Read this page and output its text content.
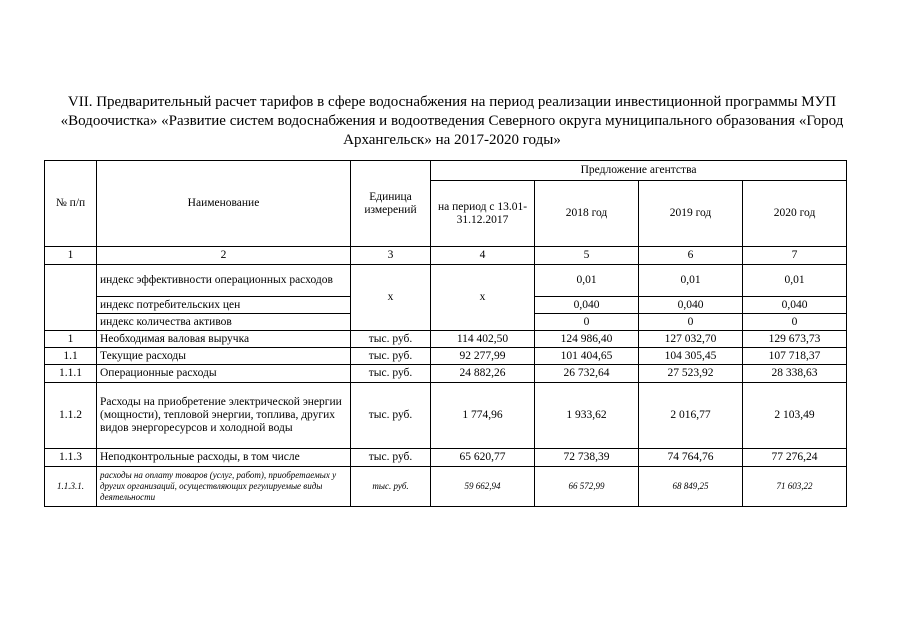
VII. Предварительный расчет тарифов в сфере водоснабжения на период реализации инвестиционной программы МУП «Водоочистка» «Развитие систем водоснабжения и водоотведения Северного округа муниципального образования «Город Архангельск» на 2017-2020 годы»
№ п/п	Наименование	Единица измерений	Предложение агентства			
			на период с 13.01-31.12.2017	2018 год	2019 год	2020 год
1	2	3	4	5	6	7
	индекс эффективности операционных расходов	х	х	0,01	0,01	0,01
	индекс потребительских цен			0,040	0,040	0,040
	индекс количества активов			0	0	0
1	Необходимая валовая выручка	тыс. руб.	114 402,50	124 986,40	127 032,70	129 673,73
1.1	Текущие расходы	тыс. руб.	92 277,99	101 404,65	104 305,45	107 718,37
1.1.1	Операционные расходы	тыс. руб.	24 882,26	26 732,64	27 523,92	28 338,63
1.1.2	Расходы на приобретение электрической энергии (мощности), тепловой энергии, топлива, других видов энергоресурсов и холодной воды	тыс. руб.	1 774,96	1 933,62	2 016,77	2 103,49
1.1.3	Неподконтрольные расходы, в том числе	тыс. руб.	65 620,77	72 738,39	74 764,76	77 276,24
1.1.3.1.	расходы на оплату товаров (услуг, работ), приобретаемых у других организаций, осуществляющих регулируемые виды деятельности	тыс. руб.	59 662,94	66 572,99	68 849,25	71 603,22
